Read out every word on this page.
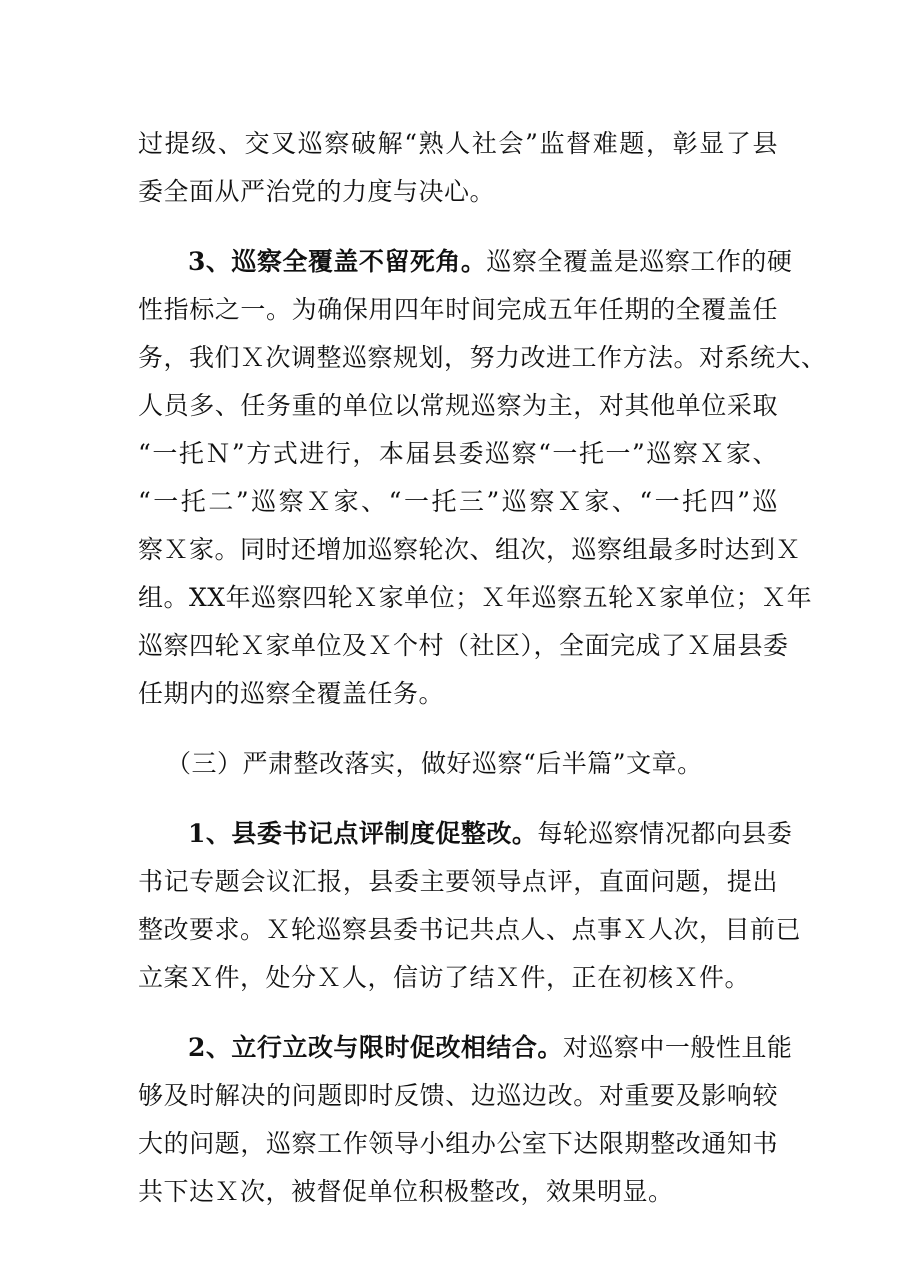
过提级、交叉巡察破解“熟人社会”监督难题，彰显了县
委全面从严治党的力度与决心。
3、巡察全覆盖不留死角。巡察全覆盖是巡察工作的硬
性指标之一。为确保用四年时间完成五年任期的全覆盖任
务，我们Ｘ次调整巡察规划，努力改进工作方法。对系统大、
人员多、任务重的单位以常规巡察为主，对其他单位采取
“一托Ｎ”方式进行，本届县委巡察“一托一”巡察Ｘ家、
“一托二”巡察Ｘ家、“一托三”巡察Ｘ家、“一托四”巡
察Ｘ家。同时还增加巡察轮次、组次，巡察组最多时达到Ｘ
组。XX年巡察四轮Ｘ家单位；Ｘ年巡察五轮Ｘ家单位；Ｘ年
巡察四轮Ｘ家单位及Ｘ个村（社区），全面完成了Ｘ届县委
任期内的巡察全覆盖任务。
（三）严肃整改落实，做好巡察“后半篇”文章。
1、县委书记点评制度促整改。每轮巡察情况都向县委
书记专题会议汇报，县委主要领导点评，直面问题，提出
整改要求。Ｘ轮巡察县委书记共点人、点事Ｘ人次，目前已
立案Ｘ件，处分Ｘ人，信访了结Ｘ件，正在初核Ｘ件。
2、立行立改与限时促改相结合。对巡察中一般性且能
够及时解决的问题即时反馈、边巡边改。对重要及影响较
大的问题，巡察工作领导小组办公室下达限期整改通知书
共下达Ｘ次，被督促单位积极整改，效果明显。
